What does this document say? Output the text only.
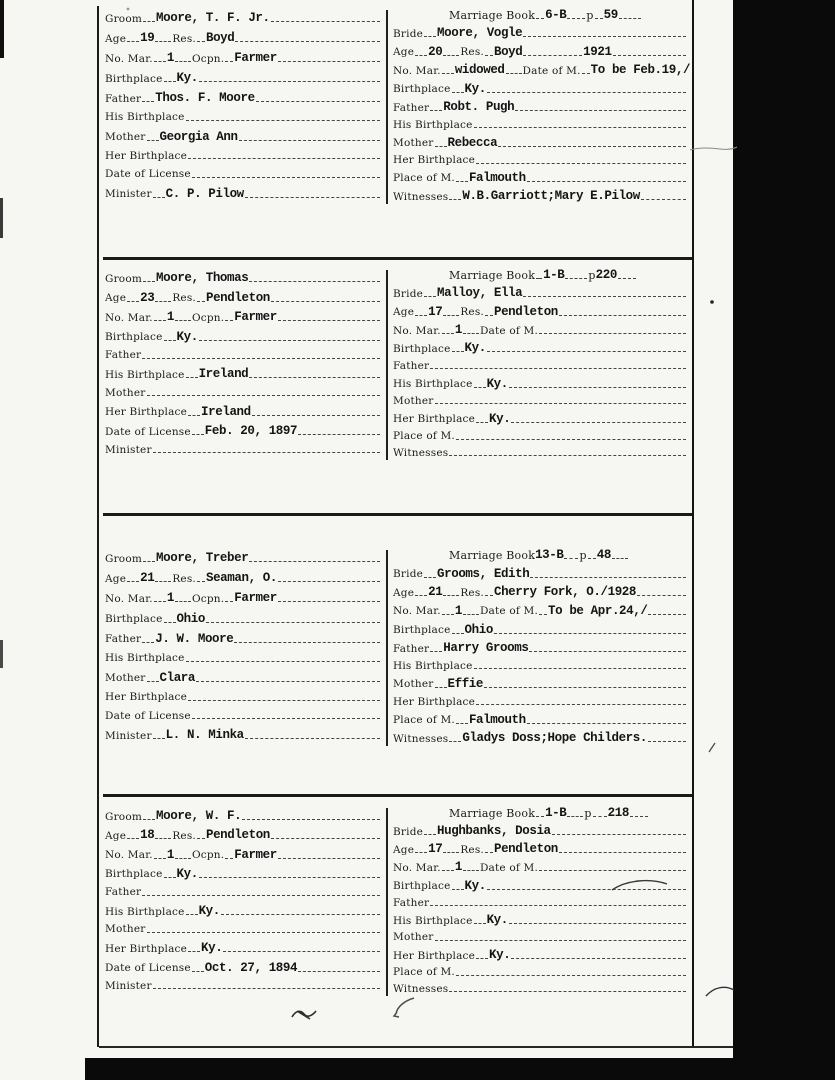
Groom Moore, T. F. Jr.
Age 19 Res. Boyd
No. Mar. 1 Ocpn. Farmer
Birthplace Ky.
Father Thos. F. Moore
His Birthplace
Mother Georgia Ann
Her Birthplace
Date of License
Minister C. P. Pilow
Marriage Book 6-B p 59
Bride Moore, Vogle
Age 20 Res. Boyd	1921
No. Mar. widowed Date of M. To be Feb.19,/
Birthplace Ky.
Father Robt. Pugh
His Birthplace
Mother Rebecca
Her Birthplace
Place of M. Falmouth
Witnesses W.B.Garriott;Mary E.Pilow
Groom Moore, Thomas
Age 23 Res. Pendleton
No. Mar. 1 Ocpn. Farmer
Birthplace Ky.
Father
His Birthplace Ireland
Mother
Her Birthplace Ireland
Date of License Feb. 20, 1897
Minister
Marriage Book 1-B p 220
Bride Malloy, Ella
Age 17 Res. Pendleton
No. Mar. 1 Date of M.
Birthplace Ky.
Father
His Birthplace Ky.
Mother
Her Birthplace Ky.
Place of M.
Witnesses
Groom Moore, Treber
Age 21 Res. Seaman, O.
No. Mar. 1 Ocpn. Farmer
Birthplace Ohio
Father J. W. Moore
His Birthplace
Mother Clara
Her Birthplace
Date of License
Minister L. N. Minka
Marriage Book 13-B p 48
Bride Grooms, Edith
Age 21 Res. Cherry Fork, O./1928
No. Mar. 1 Date of M. To be Apr.24,/
Birthplace Ohio
Father Harry Grooms
His Birthplace
Mother Effie
Her Birthplace
Place of M. Falmouth
Witnesses Gladys Doss;Hope Childers.
Groom Moore, W. F.
Age 18 Res. Pendleton
No. Mar. 1 Ocpn. Farmer
Birthplace Ky.
Father
His Birthplace Ky.
Mother
Her Birthplace Ky.
Date of License Oct. 27, 1894
Minister
Marriage Book 1-B p 218
Bride Hughbanks, Dosia
Age 17 Res. Pendleton
No. Mar. 1 Date of M.
Birthplace Ky.
Father
His Birthplace Ky.
Mother
Her Birthplace Ky.
Place of M.
Witnesses
